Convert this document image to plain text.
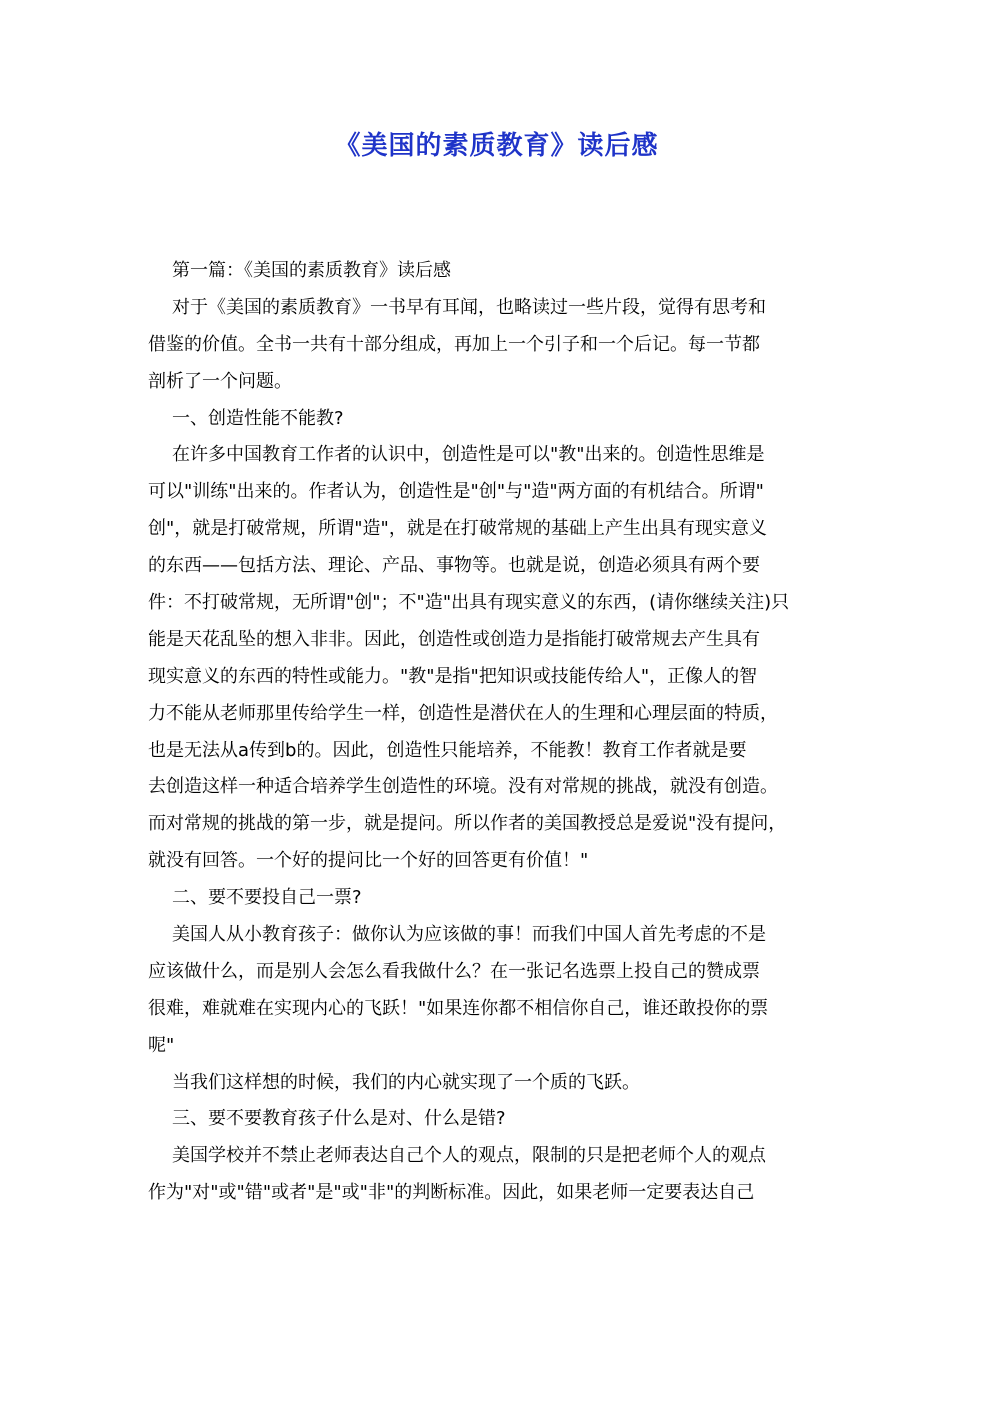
《美国的素质教育》读后感
第一篇：《美国的素质教育》读后感
对于《美国的素质教育》一书早有耳闻，也略读过一些片段，觉得有思考和
借鉴的价值。全书一共有十部分组成，再加上一个引子和一个后记。每一节都
剖析了一个问题。
一、创造性能不能教?
在许多中国教育工作者的认识中，创造性是可以"教"出来的。创造性思维是
可以"训练"出来的。作者认为，创造性是"创"与"造"两方面的有机结合。所谓"
创"，就是打破常规，所谓"造"，就是在打破常规的基础上产生出具有现实意义
的东西——包括方法、理论、产品、事物等。也就是说，创造必须具有两个要
件：不打破常规，无所谓"创"；不"造"出具有现实意义的东西，(请你继续关注)只
能是天花乱坠的想入非非。因此，创造性或创造力是指能打破常规去产生具有
现实意义的东西的特性或能力。"教"是指"把知识或技能传给人"，正像人的智
力不能从老师那里传给学生一样，创造性是潜伏在人的生理和心理层面的特质，
也是无法从a传到b的。因此，创造性只能培养，不能教！教育工作者就是要
去创造这样一种适合培养学生创造性的环境。没有对常规的挑战，就没有创造。
而对常规的挑战的第一步，就是提问。所以作者的美国教授总是爱说"没有提问，
就没有回答。一个好的提问比一个好的回答更有价值！"
二、要不要投自己一票?
美国人从小教育孩子：做你认为应该做的事！而我们中国人首先考虑的不是
应该做什么，而是别人会怎么看我做什么？在一张记名选票上投自己的赞成票
很难，难就难在实现内心的飞跃！"如果连你都不相信你自己，谁还敢投你的票
呢"
当我们这样想的时候，我们的内心就实现了一个质的飞跃。
三、要不要教育孩子什么是对、什么是错?
美国学校并不禁止老师表达自己个人的观点，限制的只是把老师个人的观点
作为"对"或"错"或者"是"或"非"的判断标准。因此，如果老师一定要表达自己
